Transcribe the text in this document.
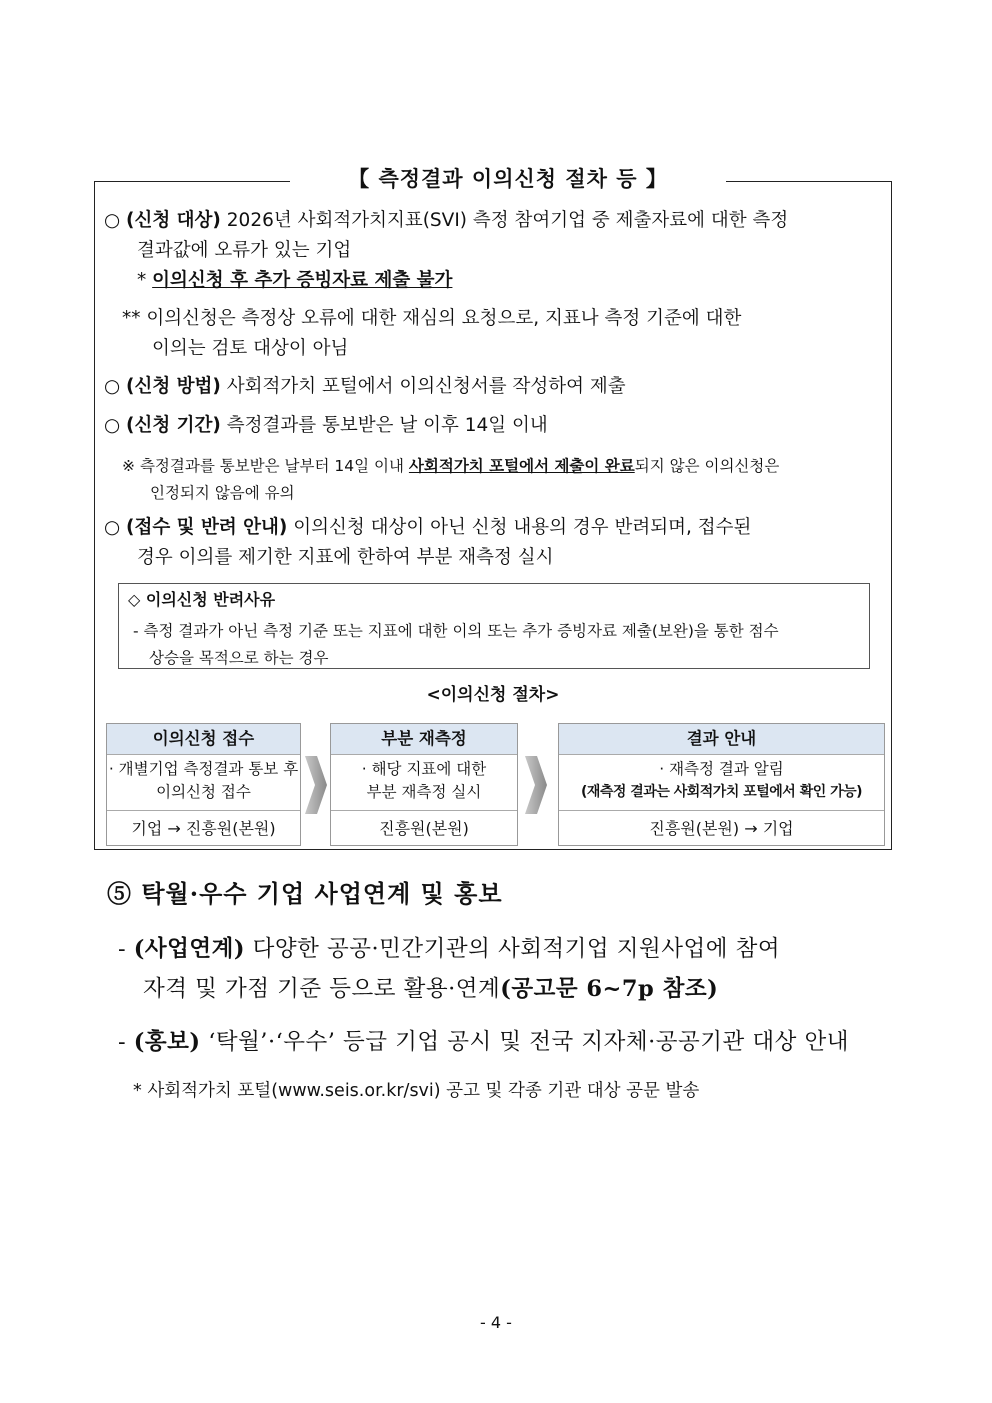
【 측정결과 이의신청 절차 등 】
○ (신청 대상) 2026년 사회적가치지표(SVI) 측정 참여기업 중 제출자료에 대한 측정
결과값에 오류가 있는 기업
* 이의신청 후 추가 증빙자료 제출 불가
** 이의신청은 측정상 오류에 대한 재심의 요청으로, 지표나 측정 기준에 대한
이의는 검토 대상이 아님
○ (신청 방법) 사회적가치 포털에서 이의신청서를 작성하여 제출
○ (신청 기간) 측정결과를 통보받은 날 이후 14일 이내
※ 측정결과를 통보받은 날부터 14일 이내 사회적가치 포털에서 제출이 완료되지 않은 이의신청은
인정되지 않음에 유의
○ (접수 및 반려 안내) 이의신청 대상이 아닌 신청 내용의 경우 반려되며, 접수된
경우 이의를 제기한 지표에 한하여 부분 재측정 실시
◇ 이의신청 반려사유
- 측정 결과가 아닌 측정 기준 또는 지표에 대한 이의 또는 추가 증빙자료 제출(보완)을 통한 점수
상승을 목적으로 하는 경우
<이의신청 절차>
이의신청 접수
· 개별기업 측정결과 통보 후
이의신청 접수
기업 → 진흥원(본원)
부분 재측정
· 해당 지표에 대한
부분 재측정 실시
진흥원(본원)
결과 안내
· 재측정 결과 알림
(재측정 결과는 사회적가치 포털에서 확인 가능)
진흥원(본원) → 기업
⑤ 탁월·우수 기업 사업연계 및 홍보
- (사업연계) 다양한 공공·민간기관의 사회적기업 지원사업에 참여
자격 및 가점 기준 등으로 활용·연계(공고문 6~7p 참조)
- (홍보) ‘탁월’·‘우수’ 등급 기업 공시 및 전국 지자체·공공기관 대상 안내
* 사회적가치 포털(www.seis.or.kr/svi) 공고 및 각종 기관 대상 공문 발송
- 4 -
